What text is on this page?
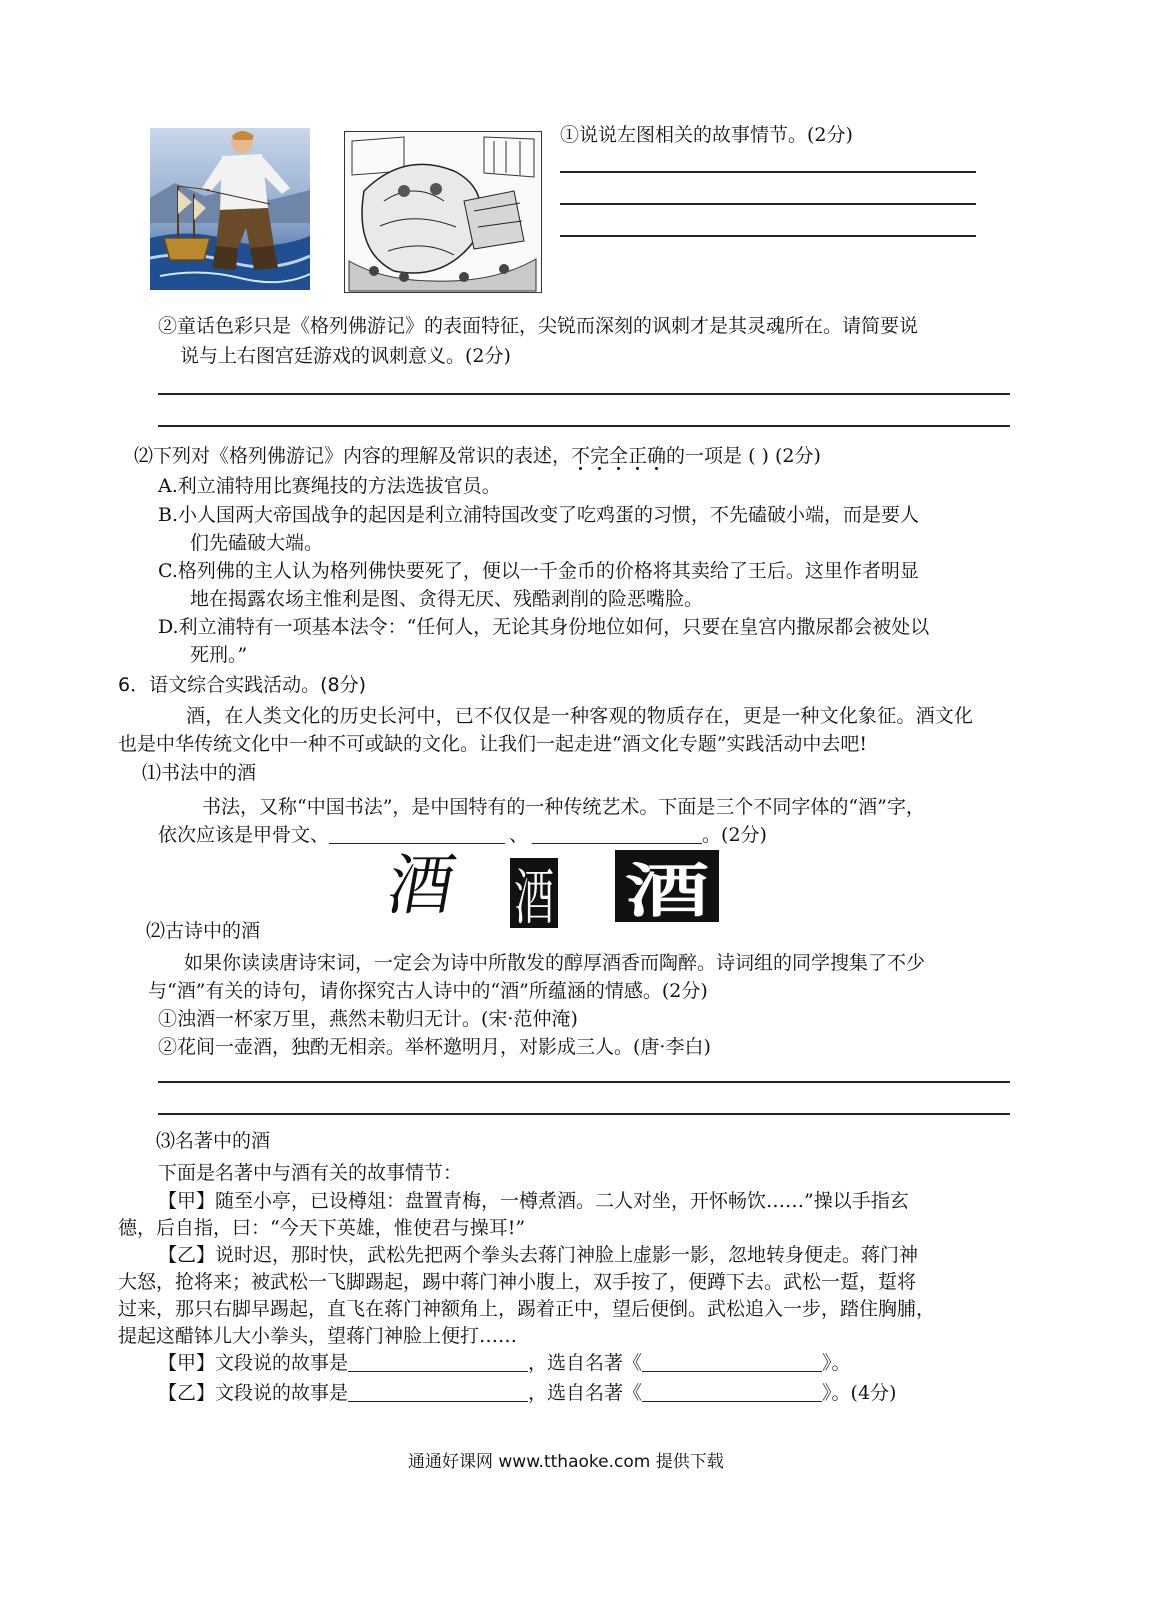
①说说左图相关的故事情节。(2分)
②童话色彩只是《格列佛游记》的表面特征，尖锐而深刻的讽刺才是其灵魂所在。请简要说
说与上右图宫廷游戏的讽刺意义。(2分)
⑵下列对《格列佛游记》内容的理解及常识的表述，不完全正确
的一项是 ( ) (2分)
A.利立浦特用比赛绳技的方法选拔官员。
B.小人国两大帝国战争的起因是利立浦特国改变了吃鸡蛋的习惯，不先磕破小端，而是要人
们先磕破大端。
C.格列佛的主人认为格列佛快要死了，便以一千金币的价格将其卖给了王后。这里作者明显
地在揭露农场主惟利是图、贪得无厌、残酷剥削的险恶嘴脸。
D.利立浦特有一项基本法令：“任何人，无论其身份地位如何，只要在皇宫内撒尿都会被处以
死刑。”
6．语文综合实践活动。(8分)
酒，在人类文化的历史长河中，已不仅仅是一种客观的物质存在，更是一种文化象征。酒文化
也是中华传统文化中一种不可或缺的文化。让我们一起走进“酒文化专题”实践活动中去吧!
⑴书法中的酒
书法，又称“中国书法”，是中国特有的一种传统艺术。下面是三个不同字体的“酒”字，
依次应该是甲骨文、	、	。(2分)
酒 酒 酒
⑵古诗中的酒
如果你读读唐诗宋词，一定会为诗中所散发的醇厚酒香而陶醉。诗词组的同学搜集了不少
与“酒”有关的诗句，请你探究古人诗中的“酒”所蕴涵的情感。(2分)
①浊酒一杯家万里，燕然未勒归无计。(宋·范仲淹)
②花间一壶酒，独酌无相亲。举杯邀明月，对影成三人。(唐·李白)
⑶名著中的酒
下面是名著中与酒有关的故事情节：
【甲】随至小亭，已设樽俎：盘置青梅，一樽煮酒。二人对坐，开怀畅饮……”操以手指玄
德，后自指，曰：“今天下英雄，惟使君与操耳!”
【乙】说时迟，那时快，武松先把两个拳头去蒋门神脸上虚影一影，忽地转身便走。蒋门神
大怒，抢将来；被武松一飞脚踢起，踢中蒋门神小腹上，双手按了，便蹲下去。武松一踅，踅将
过来，那只右脚早踢起，直飞在蒋门神额角上，踢着正中，望后便倒。武松追入一步，踏住胸脯，
提起这醋钵儿大小拳头，望蒋门神脸上便打……
【甲】文段说的故事是	，选自名著《	》。
【乙】文段说的故事是	，选自名著《	》。(4分)
通通好课网 www.tthaoke.com 提供下载
